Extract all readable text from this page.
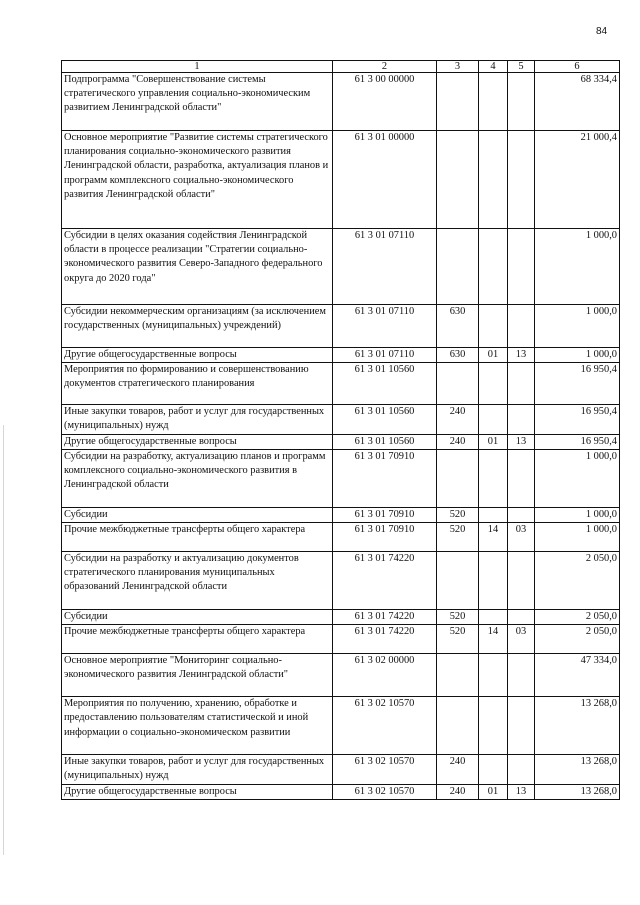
84
1	2	3	4	5	6
Подпрограмма "Совершенствование системы стратегического управления социально-экономическим развитием Ленинградской области"	61 3 00 00000				68 334,4
Основное мероприятие "Развитие системы стратегического планирования социально-экономического развития Ленинградской области, разработка, актуализация планов и программ комплексного социально-экономического развития Ленинградской области"	61 3 01 00000				21 000,4
Субсидии в целях оказания содействия Ленинградской области в процессе реализации "Стратегии социально-экономического развития Северо-Западного федерального округа до 2020 года"	61 3 01 07110				1 000,0
Субсидии некоммерческим организациям (за исключением государственных (муниципальных) учреждений)	61 3 01 07110	630			1 000,0
Другие общегосударственные вопросы	61 3 01 07110	630	01	13	1 000,0
Мероприятия по формированию и совершенствованию документов стратегического планирования	61 3 01 10560				16 950,4
Иные закупки товаров, работ и услуг для государственных (муниципальных) нужд	61 3 01 10560	240			16 950,4
Другие общегосударственные вопросы	61 3 01 10560	240	01	13	16 950,4
Субсидии на разработку, актуализацию планов и программ комплексного социально-экономического развития в Ленинградской области	61 3 01 70910				1 000,0
Субсидии	61 3 01 70910	520			1 000,0
Прочие межбюджетные трансферты общего характера	61 3 01 70910	520	14	03	1 000,0
Субсидии на разработку и актуализацию документов стратегического планирования муниципальных образований Ленинградской области	61 3 01 74220				2 050,0
Субсидии	61 3 01 74220	520			2 050,0
Прочие межбюджетные трансферты общего характера	61 3 01 74220	520	14	03	2 050,0
Основное мероприятие "Мониторинг социально-экономического развития Ленинградской области"	61 3 02 00000				47 334,0
Мероприятия по получению, хранению, обработке и предоставлению пользователям статистической и иной информации о социально-экономическом развитии	61 3 02 10570				13 268,0
Иные закупки товаров, работ и услуг для государственных (муниципальных) нужд	61 3 02 10570	240			13 268,0
Другие общегосударственные вопросы	61 3 02 10570	240	01	13	13 268,0
